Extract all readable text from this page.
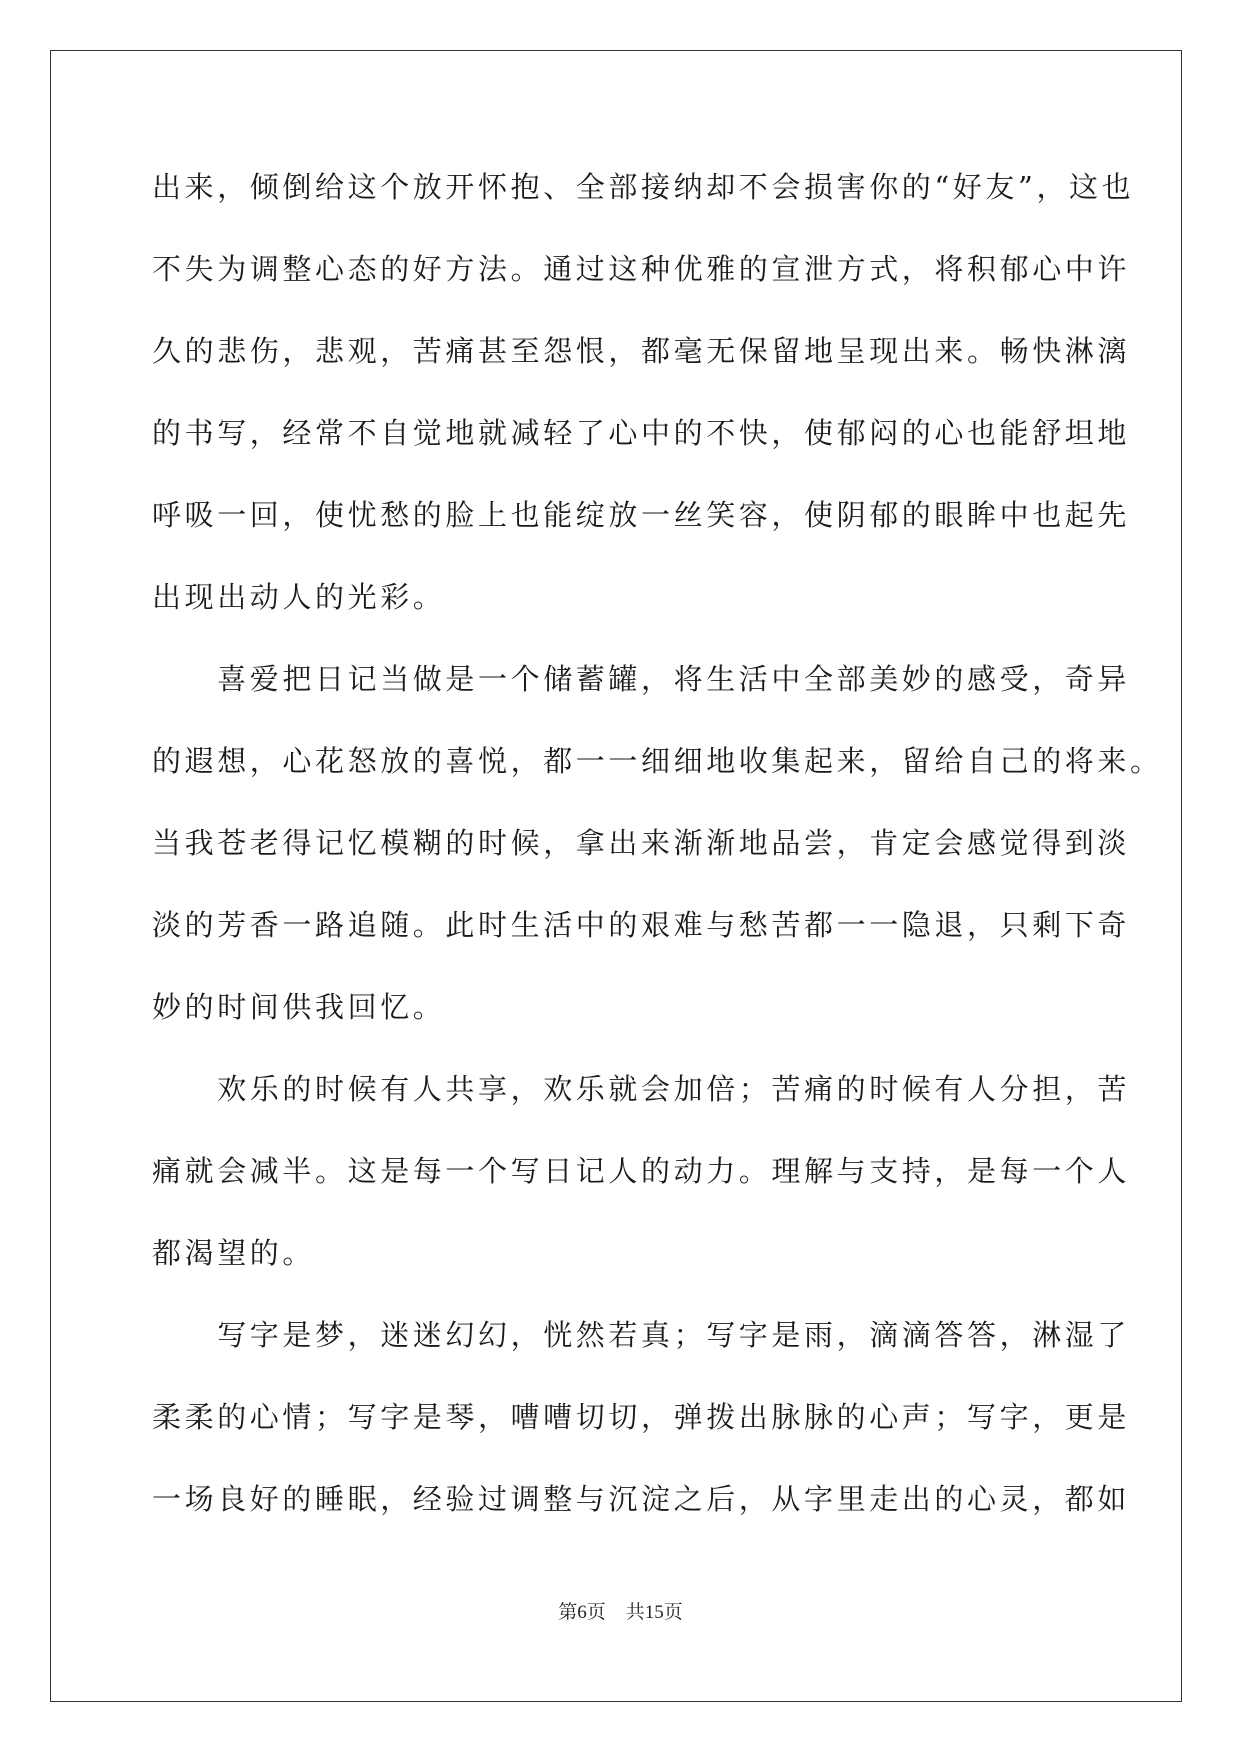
出来，倾倒给这个放开怀抱、全部接纳却不会损害你的“好友”，这也
不失为调整心态的好方法。通过这种优雅的宣泄方式，将积郁心中许
久的悲伤，悲观，苦痛甚至怨恨，都毫无保留地呈现出来。畅快淋漓
的书写，经常不自觉地就减轻了心中的不快，使郁闷的心也能舒坦地
呼吸一回，使忧愁的脸上也能绽放一丝笑容，使阴郁的眼眸中也起先
出现出动人的光彩。
　　喜爱把日记当做是一个储蓄罐，将生活中全部美妙的感受，奇异
的遐想，心花怒放的喜悦，都一一细细地收集起来，留给自己的将来。
当我苍老得记忆模糊的时候，拿出来渐渐地品尝，肯定会感觉得到淡
淡的芳香一路追随。此时生活中的艰难与愁苦都一一隐退，只剩下奇
妙的时间供我回忆。
　　欢乐的时候有人共享，欢乐就会加倍；苦痛的时候有人分担，苦
痛就会减半。这是每一个写日记人的动力。理解与支持，是每一个人
都渴望的。
　　写字是梦，迷迷幻幻，恍然若真；写字是雨，滴滴答答，淋湿了
柔柔的心情；写字是琴，嘈嘈切切，弹拨出脉脉的心声；写字，更是
一场良好的睡眠，经验过调整与沉淀之后，从字里走出的心灵，都如
第6页 共15页
